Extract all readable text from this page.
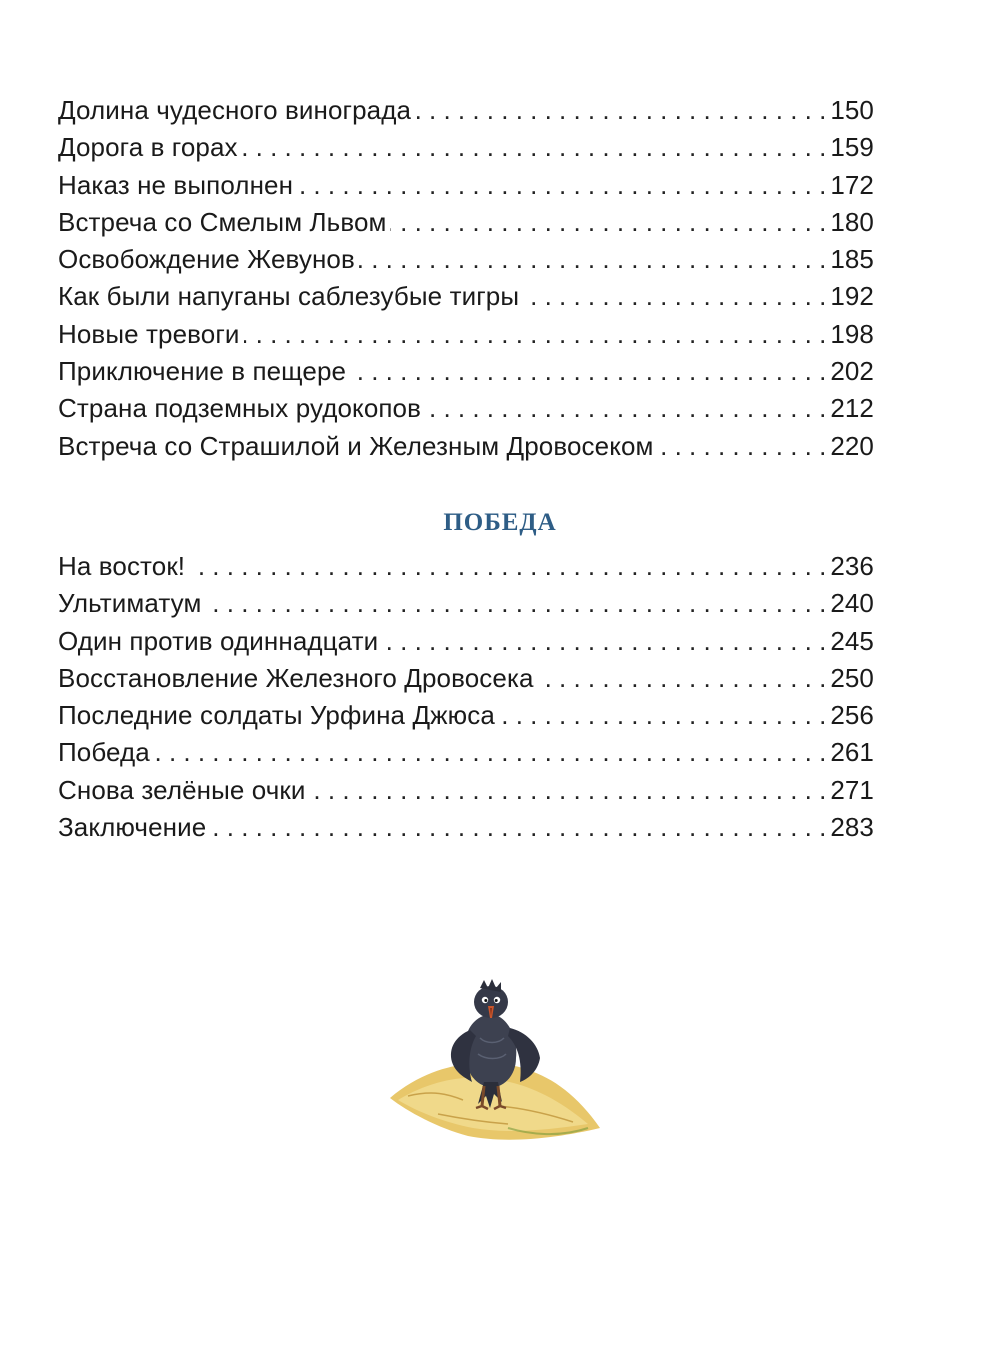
Долина чудесного винограда . . .	150
Дорога в горах . . .	159
Наказ не выполнен . . .	172
Встреча со Смелым Львом . . .	180
Освобождение Жевунов . . .	185
Как были напуганы саблезубые тигры . . .	192
Новые тревоги . . .	198
Приключение в пещере . . .	202
Страна подземных рудокопов . . .	212
Встреча со Страшилой и Железным Дровосеком . . .	220
ПОБЕДА
На восток! . . .	236
Ультиматум . . .	240
Один против одиннадцати . . .	245
Восстановление Железного Дровосека . . .	250
Последние солдаты Урфина Джюса . . .	256
Победа . . .	261
Снова зелёные очки . . .	271
Заключение . . .	283
